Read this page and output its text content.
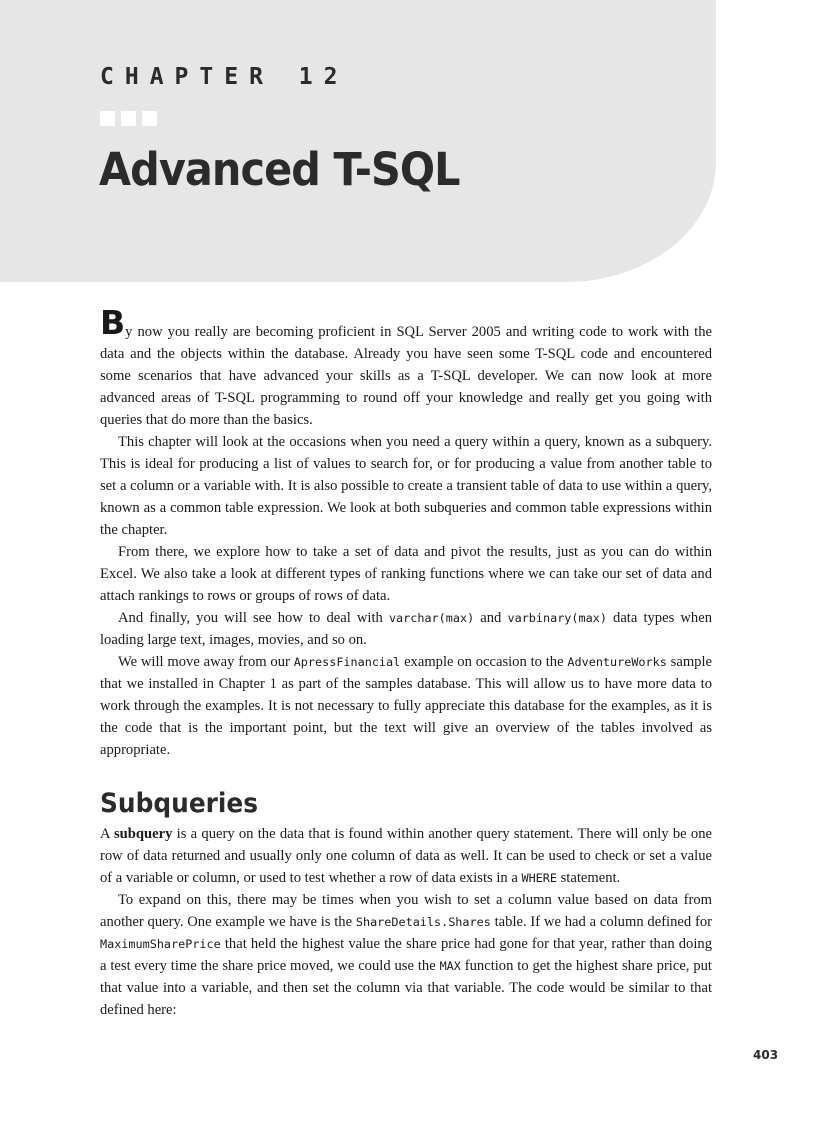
CHAPTER 12
Advanced T-SQL

By now you really are becoming proficient in SQL Server 2005 and writing code to work with the data and the objects within the database. Already you have seen some T-SQL code and encountered some scenarios that have advanced your skills as a T-SQL developer. We can now look at more advanced areas of T-SQL programming to round off your knowledge and really get you going with queries that do more than the basics.

This chapter will look at the occasions when you need a query within a query, known as a subquery. This is ideal for producing a list of values to search for, or for producing a value from another table to set a column or a variable with. It is also possible to create a transient table of data to use within a query, known as a common table expression. We look at both subqueries and common table expressions within the chapter.

From there, we explore how to take a set of data and pivot the results, just as you can do within Excel. We also take a look at different types of ranking functions where we can take our set of data and attach rankings to rows or groups of rows of data.

And finally, you will see how to deal with varchar(max) and varbinary(max) data types when loading large text, images, movies, and so on.

We will move away from our ApressFinancial example on occasion to the AdventureWorks sample that we installed in Chapter 1 as part of the samples database. This will allow us to have more data to work through the examples. It is not necessary to fully appreciate this database for the examples, as it is the code that is the important point, but the text will give an overview of the tables involved as appropriate.

Subqueries

A subquery is a query on the data that is found within another query statement. There will only be one row of data returned and usually only one column of data as well. It can be used to check or set a value of a variable or column, or used to test whether a row of data exists in a WHERE statement.

To expand on this, there may be times when you wish to set a column value based on data from another query. One example we have is the ShareDetails.Shares table. If we had a column defined for MaximumSharePrice that held the highest value the share price had gone for that year, rather than doing a test every time the share price moved, we could use the MAX function to get the highest share price, put that value into a variable, and then set the column via that variable. The code would be similar to that defined here:

403
